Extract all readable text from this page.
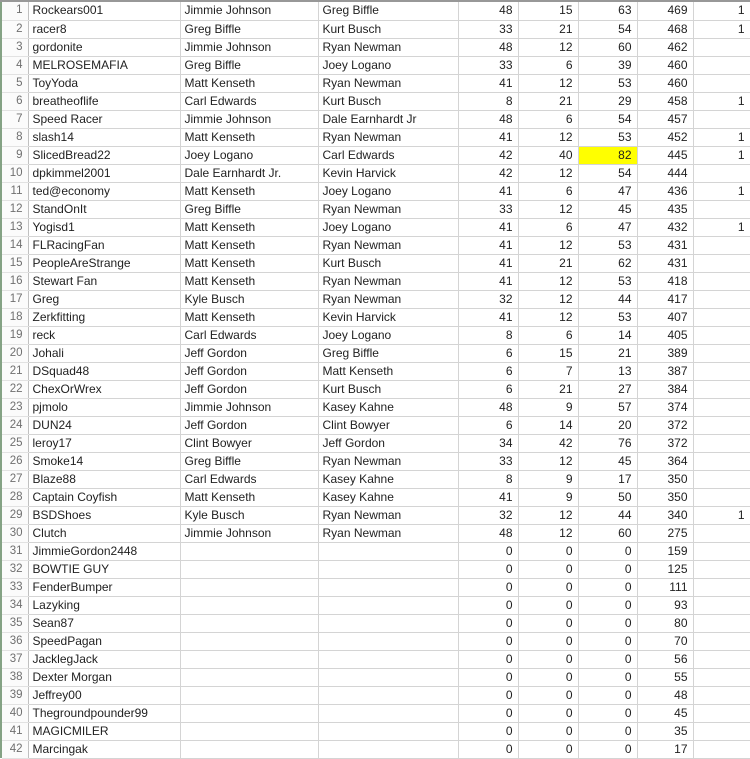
1	Rockears001	Jimmie Johnson	Greg Biffle	48	15	63	469	1
2	racer8	Greg Biffle	Kurt Busch	33	21	54	468	1
3	gordonite	Jimmie Johnson	Ryan Newman	48	12	60	462	
4	MELROSEMAFIA	Greg Biffle	Joey Logano	33	6	39	460	
5	ToyYoda	Matt Kenseth	Ryan Newman	41	12	53	460	
6	breatheoflife	Carl Edwards	Kurt Busch	8	21	29	458	1
7	Speed Racer	Jimmie Johnson	Dale Earnhardt Jr	48	6	54	457	
8	slash14	Matt Kenseth	Ryan Newman	41	12	53	452	1
9	SlicedBread22	Joey Logano	Carl Edwards	42	40	82	445	1
10	dpkimmel2001	Dale Earnhardt Jr.	Kevin Harvick	42	12	54	444	
11	ted@economy	Matt Kenseth	Joey Logano	41	6	47	436	1
12	StandOnIt	Greg Biffle	Ryan Newman	33	12	45	435	
13	Yogisd1	Matt Kenseth	Joey Logano	41	6	47	432	1
14	FLRacingFan	Matt Kenseth	Ryan Newman	41	12	53	431	
15	PeopleAreStrange	Matt Kenseth	Kurt Busch	41	21	62	431	
16	Stewart Fan	Matt Kenseth	Ryan Newman	41	12	53	418	
17	Greg	Kyle Busch	Ryan Newman	32	12	44	417	
18	Zerkfitting	Matt Kenseth	Kevin Harvick	41	12	53	407	
19	reck	Carl Edwards	Joey Logano	8	6	14	405	
20	Johali	Jeff Gordon	Greg Biffle	6	15	21	389	
21	DSquad48	Jeff Gordon	Matt Kenseth	6	7	13	387	
22	ChexOrWrex	Jeff Gordon	Kurt Busch	6	21	27	384	
23	pjmolo	Jimmie Johnson	Kasey Kahne	48	9	57	374	
24	DUN24	Jeff Gordon	Clint Bowyer	6	14	20	372	
25	leroy17	Clint Bowyer	Jeff Gordon	34	42	76	372	
26	Smoke14	Greg Biffle	Ryan Newman	33	12	45	364	
27	Blaze88	Carl Edwards	Kasey Kahne	8	9	17	350	
28	Captain Coyfish	Matt Kenseth	Kasey Kahne	41	9	50	350	
29	BSDShoes	Kyle Busch	Ryan Newman	32	12	44	340	1
30	Clutch	Jimmie Johnson	Ryan Newman	48	12	60	275	
31	JimmieGordon2448			0	0	0	159	
32	BOWTIE GUY			0	0	0	125	
33	FenderBumper			0	0	0	111	
34	Lazyking			0	0	0	93	
35	Sean87			0	0	0	80	
36	SpeedPagan			0	0	0	70	
37	JacklegJack			0	0	0	56	
38	Dexter Morgan			0	0	0	55	
39	Jeffrey00			0	0	0	48	
40	Thegroundpounder99			0	0	0	45	
41	MAGICMILER			0	0	0	35	
42	Marcingak			0	0	0	17	
